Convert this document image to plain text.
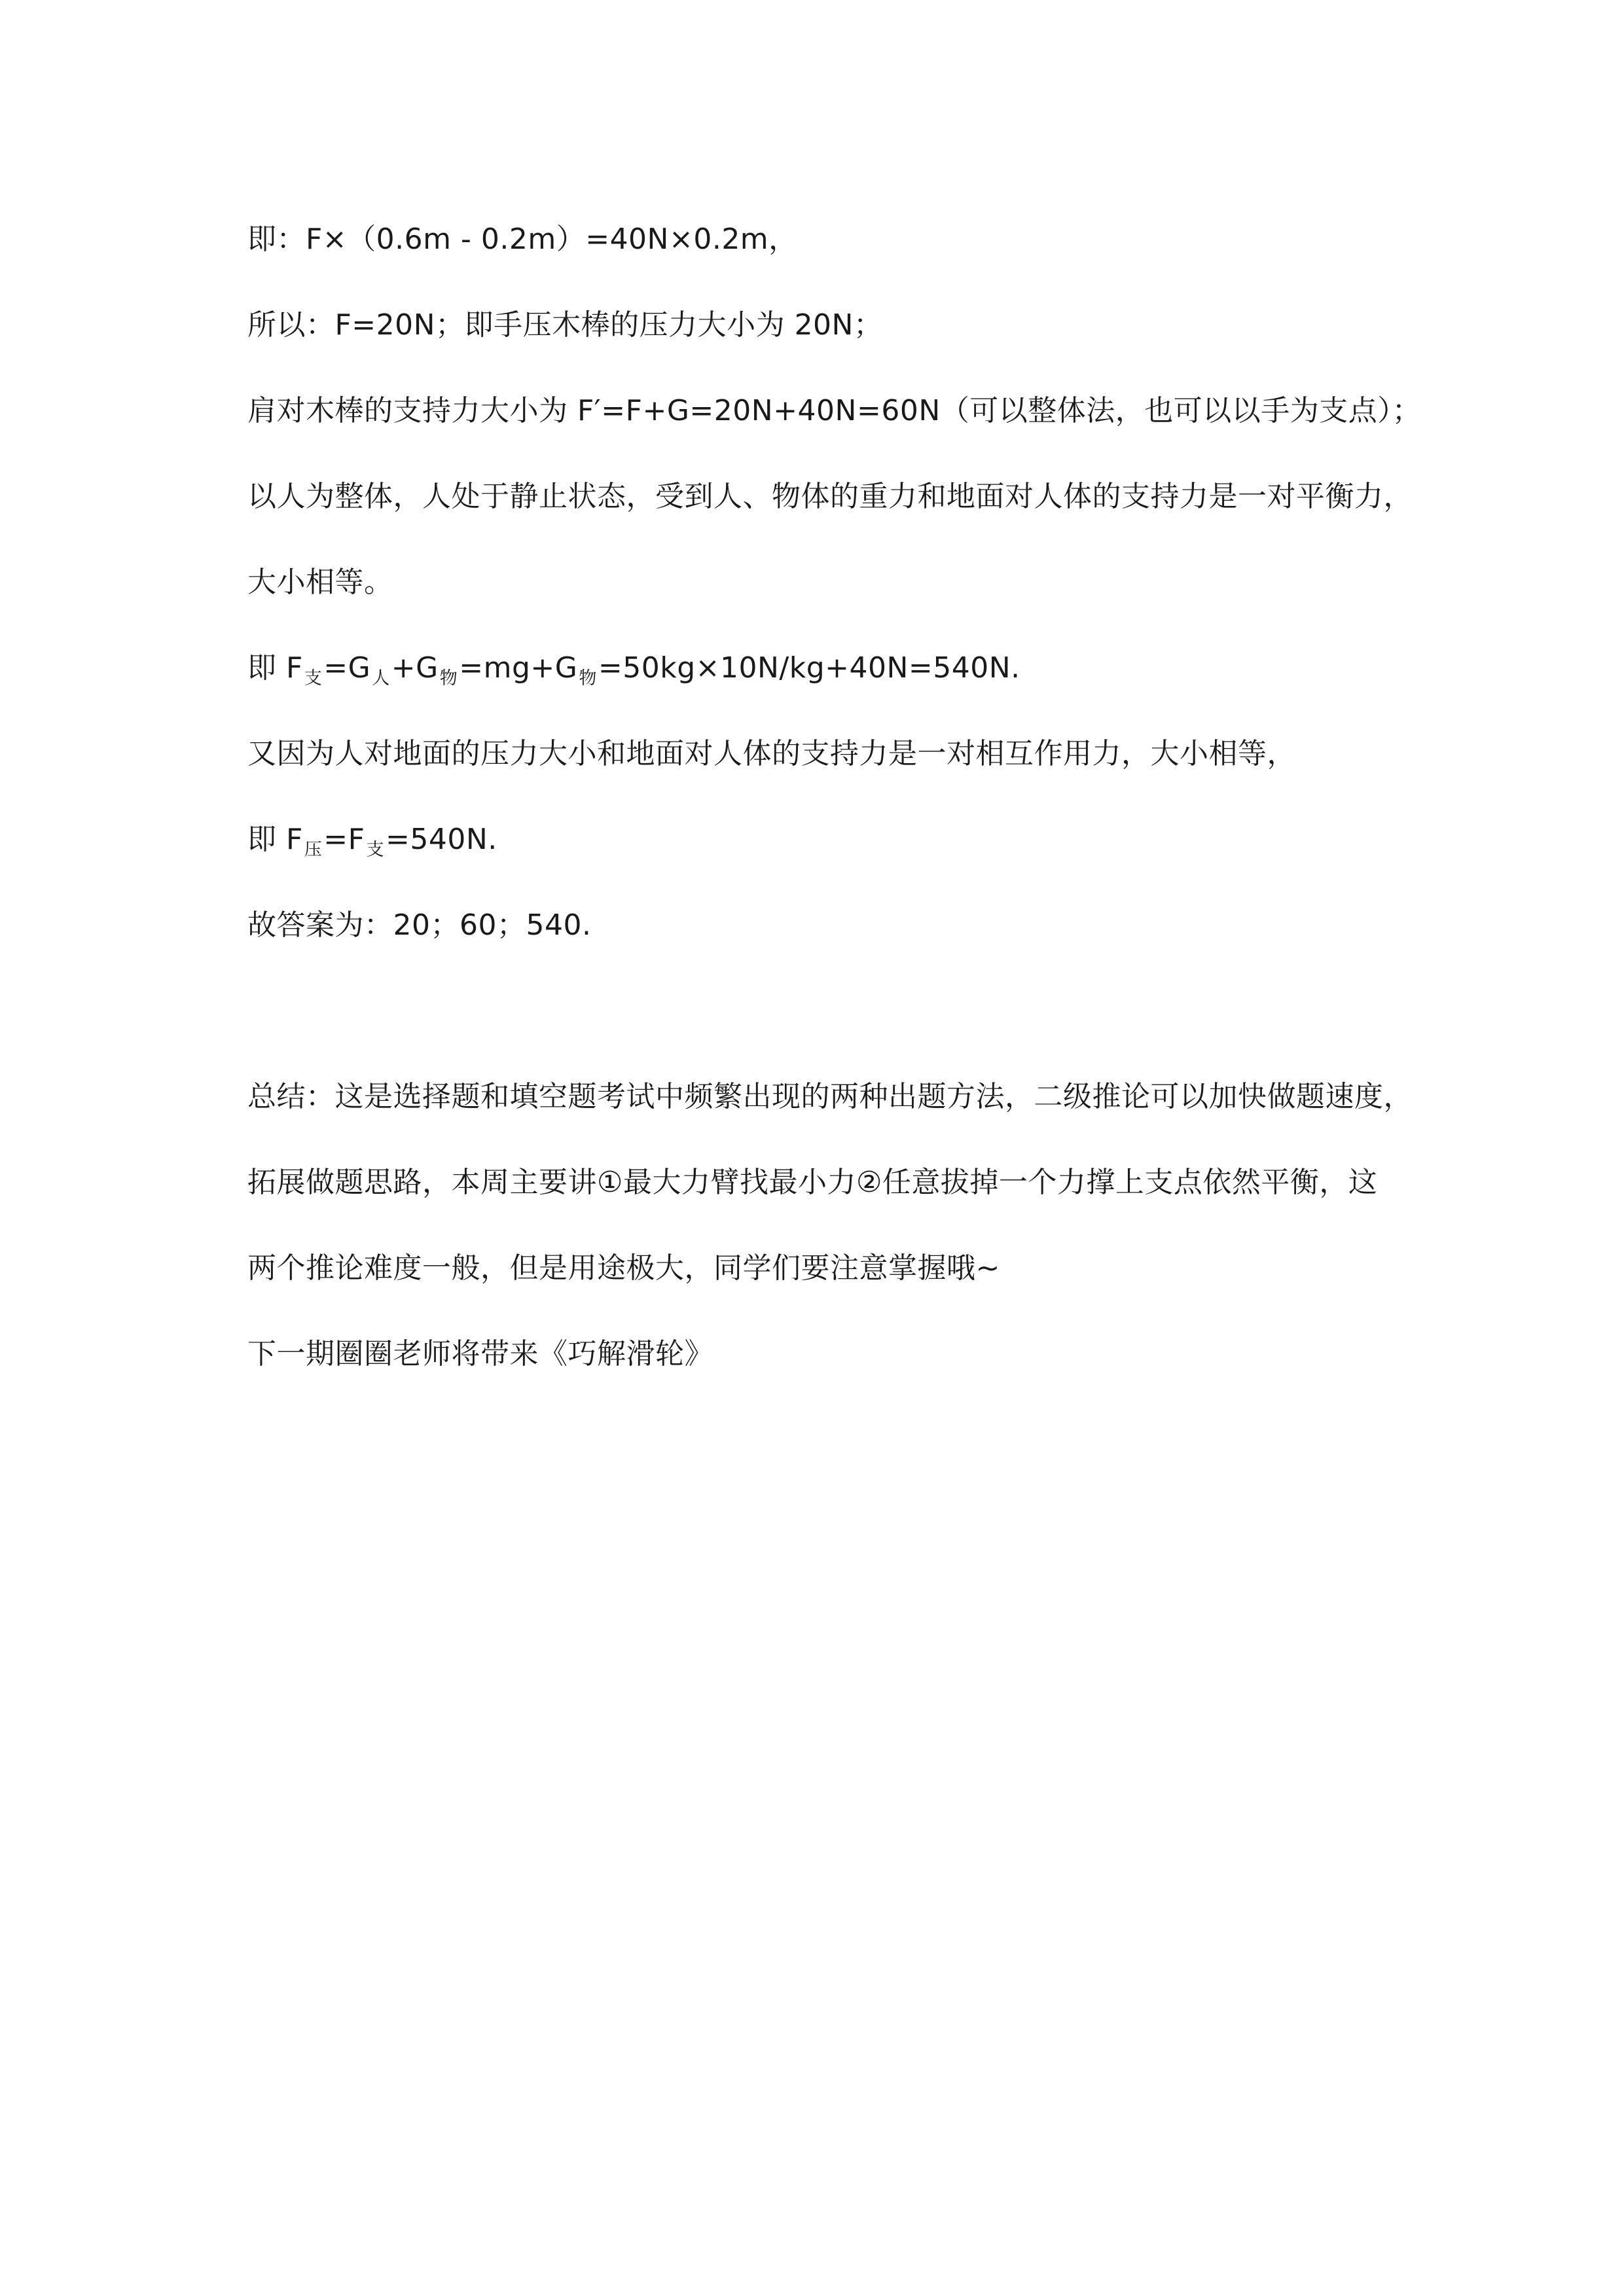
即：F×（0.6m - 0.2m）=40N×0.2m，
所以：F=20N；即手压木棒的压力大小为 20N；
肩对木棒的支持力大小为 F′=F+G=20N+40N=60N（可以整体法，也可以以手为支点）；
以人为整体，人处于静止状态，受到人、物体的重力和地面对人体的支持力是一对平衡力，
大小相等。
即 $F_支=G_人+G_物=mg+G_物=50kg\times 10N/kg+40N=540N$.
又因为人对地面的压力大小和地面对人体的支持力是一对相互作用力，大小相等，
即 $F_压=F_支=540N$.
故答案为：20；60；540.
总结：这是选择题和填空题考试中频繁出现的两种出题方法，二级推论可以加快做题速度，
拓展做题思路，本周主要讲①最大力臂找最小力②任意拔掉一个力撑上支点依然平衡，这
两个推论难度一般，但是用途极大，同学们要注意掌握哦~
下一期圈圈老师将带来《巧解滑轮》
